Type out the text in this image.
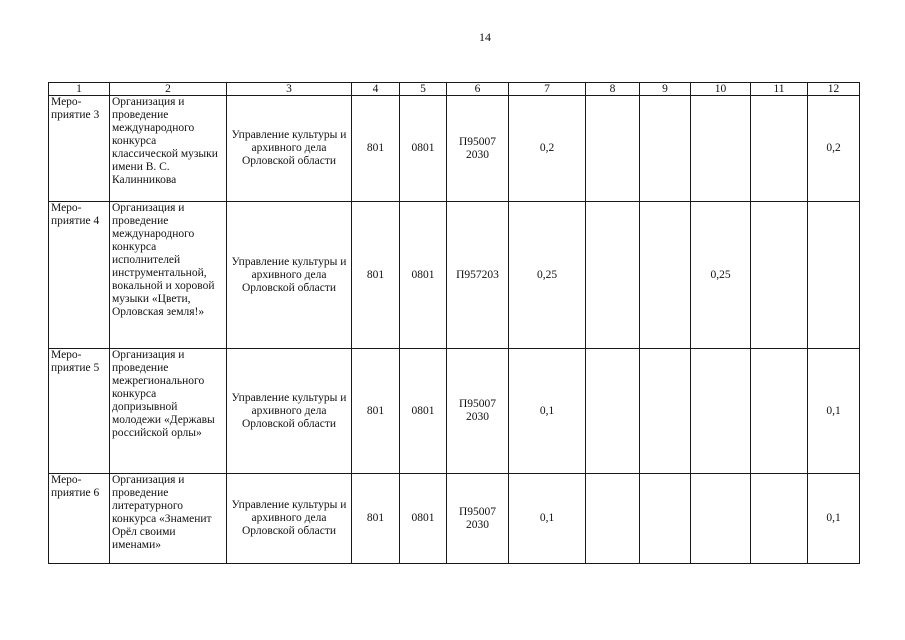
14
1	2	3	4	5	6	7	8	9	10	11	12
Меро-приятие 3	Организация и проведение международного конкурса классической музыки имени В. С. Калинникова	Управление культуры и архивного дела Орловской области	801	0801	П95007 2030	0,2					0,2
Меро-приятие 4	Организация и проведение международного конкурса исполнителей инструментальной, вокальной и хоровой музыки «Цвети, Орловская земля!»	Управление культуры и архивного дела Орловской области	801	0801	П957203	0,25			0,25		
Меро-приятие 5	Организация и проведение межрегионального конкурса допризывной молодежи «Державы российской орлы»	Управление культуры и архивного дела Орловской области	801	0801	П95007 2030	0,1					0,1
Меро-приятие 6	Организация и проведение литературного конкурса «Знаменит Орёл своими именами»	Управление культуры и архивного дела Орловской области	801	0801	П95007 2030	0,1					0,1
